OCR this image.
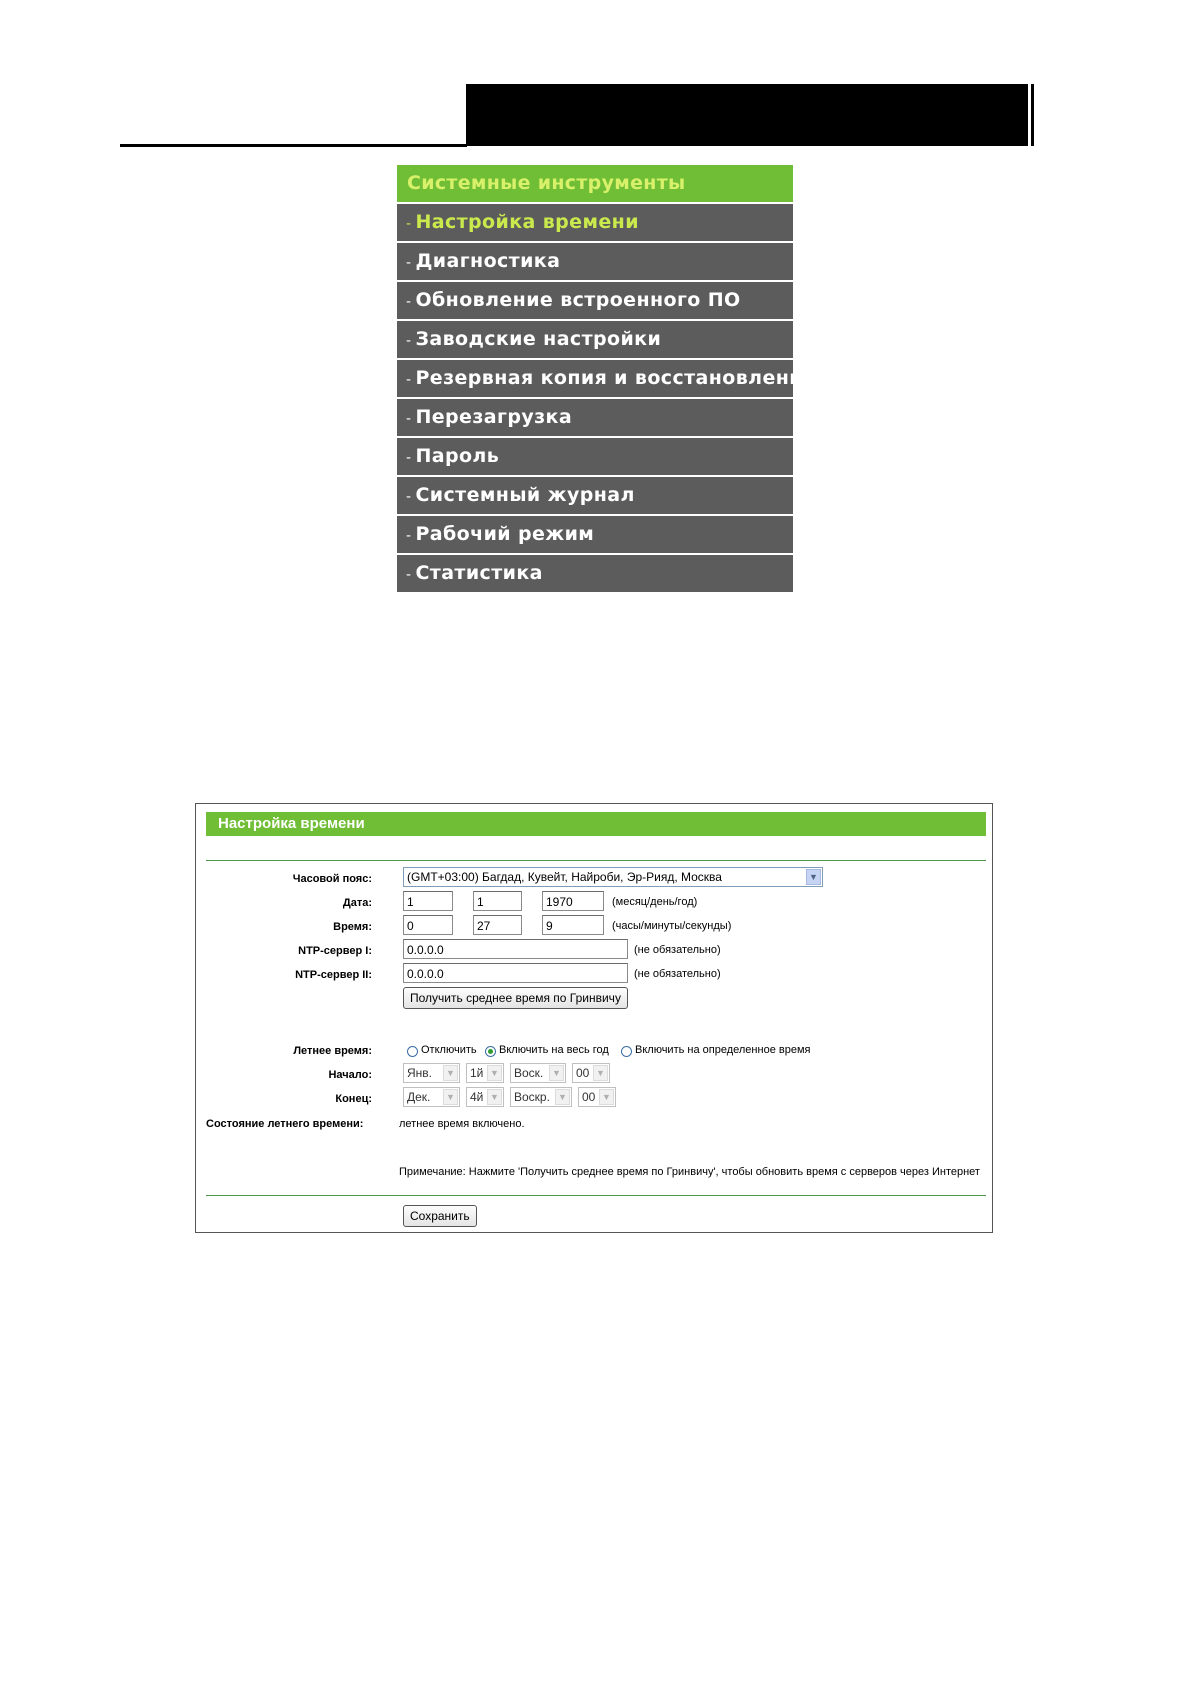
Системные инструменты
- Настройка времени
- Диагностика
- Обновление встроенного ПО
- Заводские настройки
- Резервная копия и восстановление
- Перезагрузка
- Пароль
- Системный журнал
- Рабочий режим
- Статистика
Настройка времени
Часовой пояс:	(GMT+03:00) Багдад, Кувейт, Найроби, Эр-Рияд, Москва	▼
Дата:	1	1	1970	(месяц/день/год)
Время:	0	27	9	(часы/минуты/секунды)
NTP-сервер I:	0.0.0.0	(не обязательно)
NTP-сервер II:	0.0.0.0	(не обязательно)
Получить среднее время по Гринвичу
Летнее время:	Отключить Включить на весь год Включить на определенное время
Начало:	Янв.	▼	1й ▼	Воск. ▼	00 ▼
Конец:	Дек.	▼	4й ▼	Воскр. ▼	00 ▼
Состояние летнего времени:	летнее время включено.
Примечание: Нажмите 'Получить среднее время по Гринвичу', чтобы обновить время с серверов через Интернет
Сохранить
